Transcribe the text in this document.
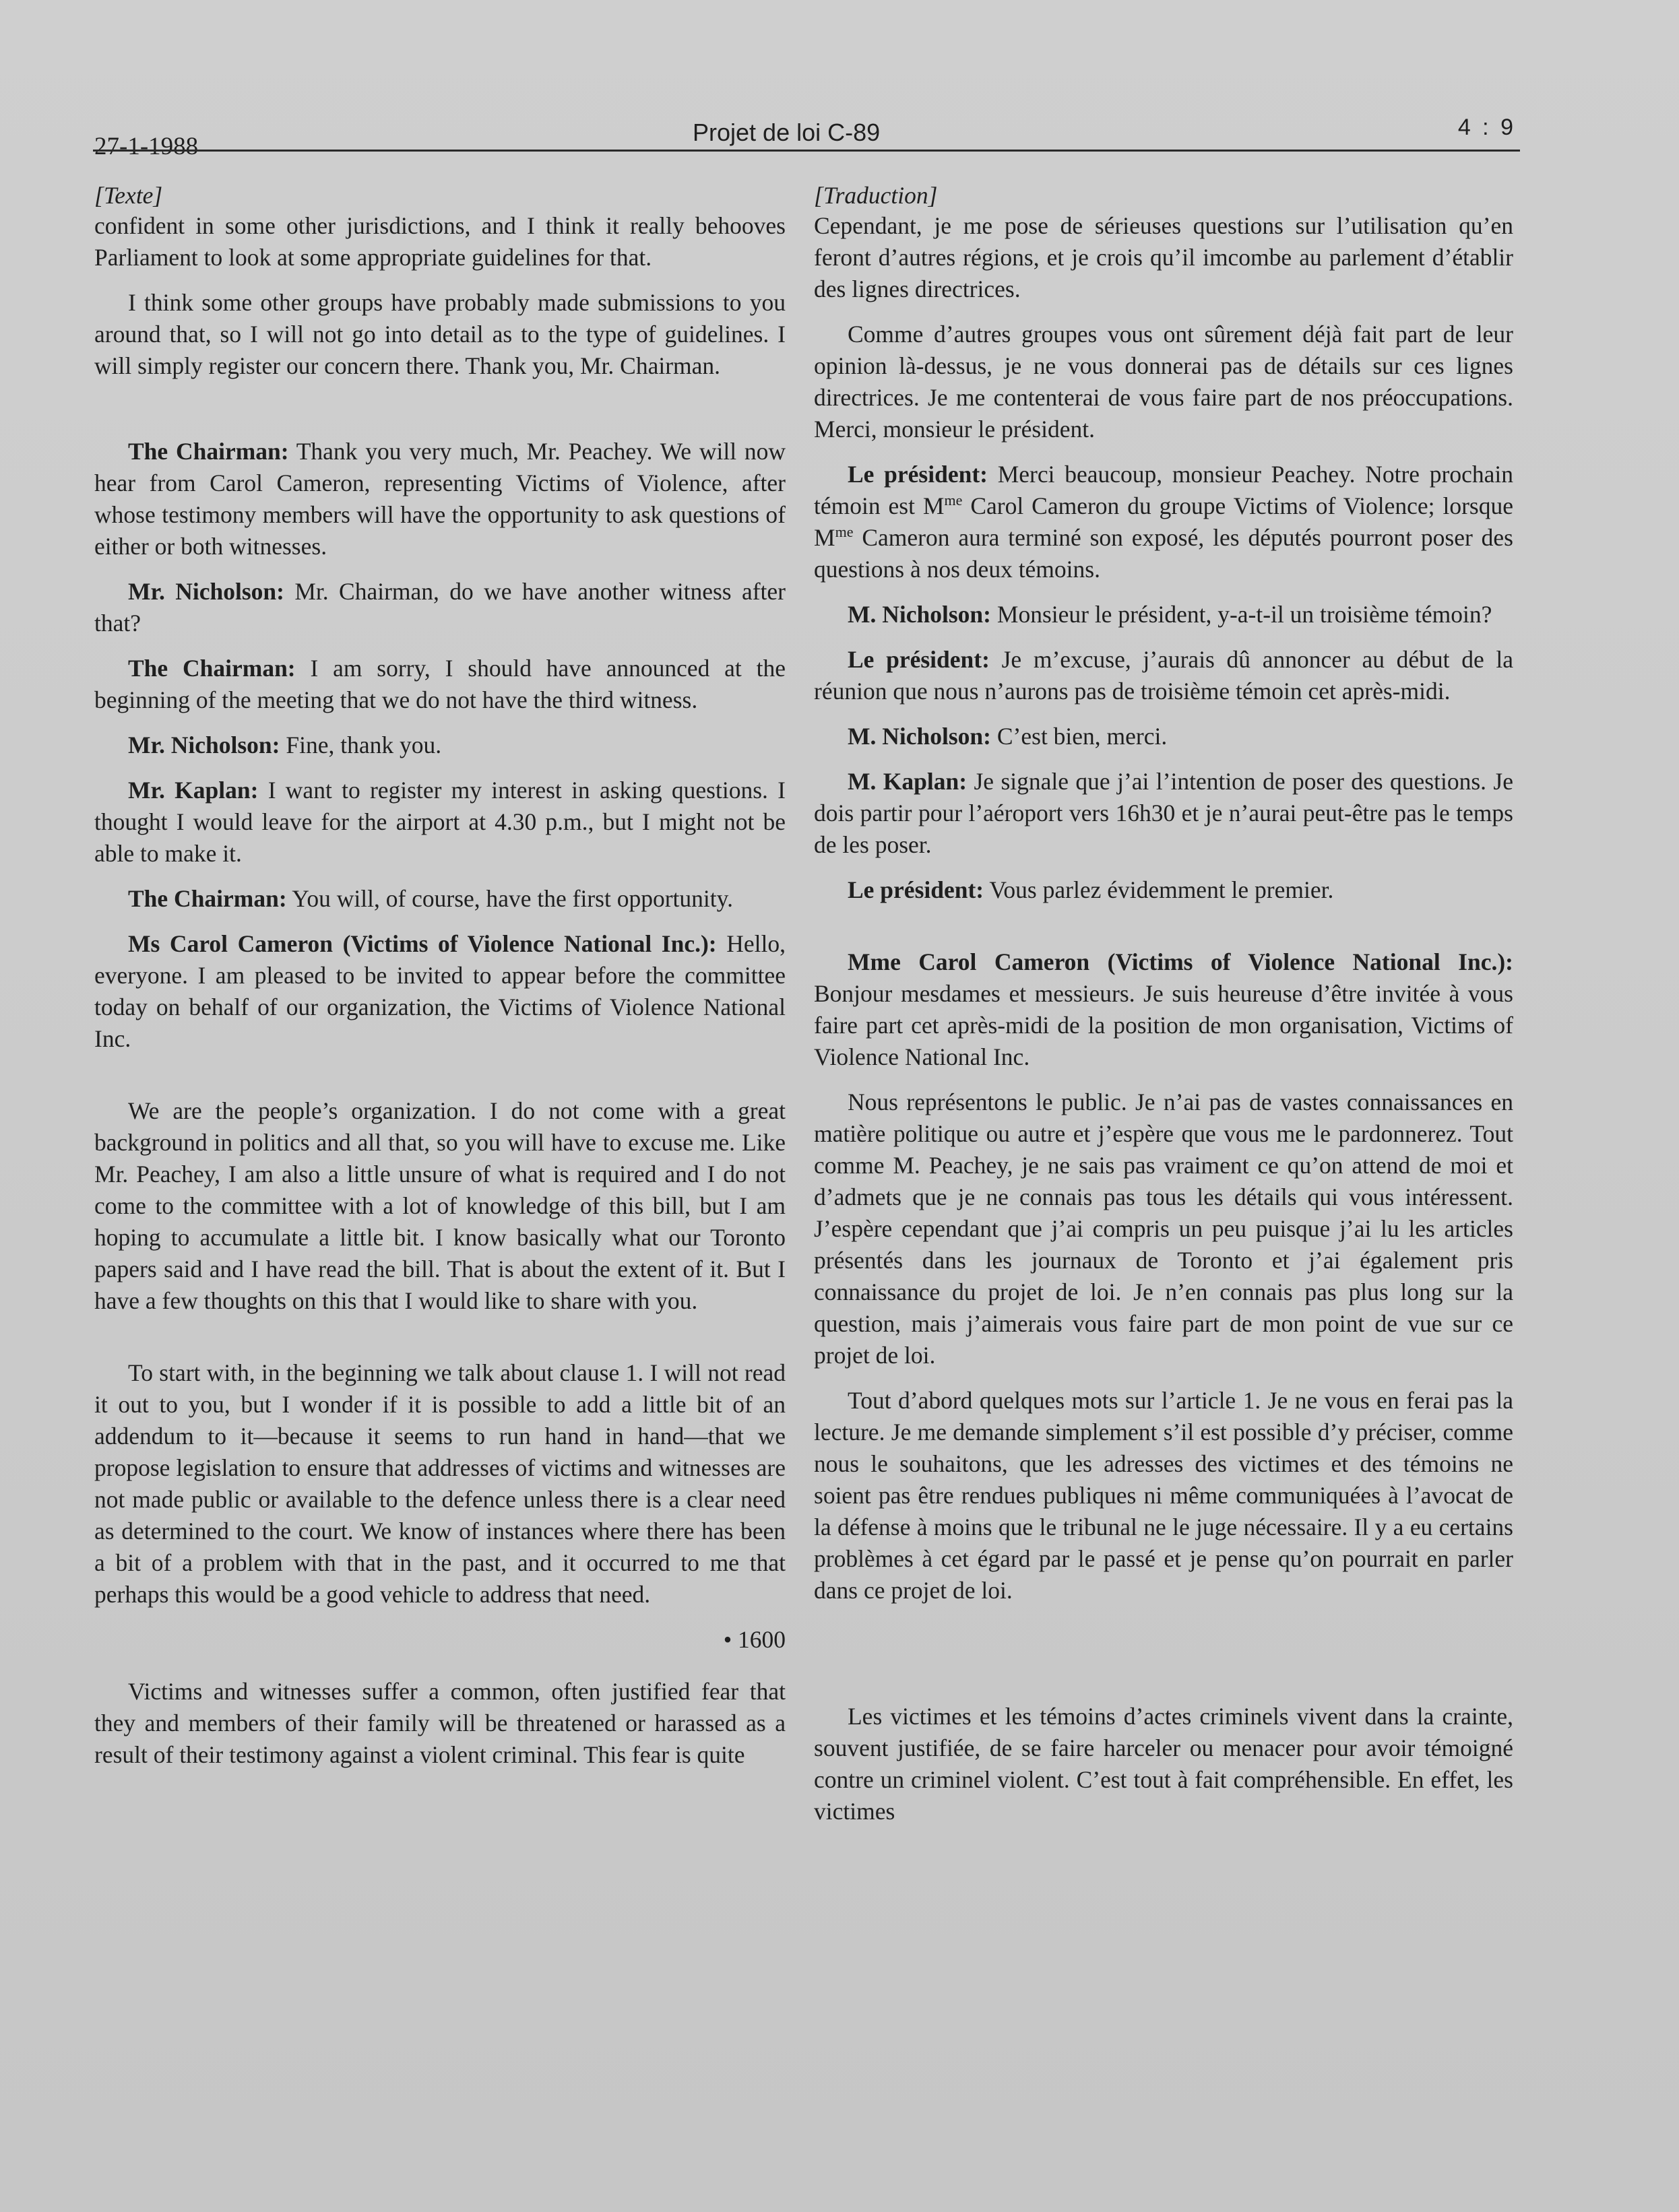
27-1-1988
Projet de loi C-89	4 : 9
[Texte]

confident in some other jurisdictions, and I think it really behooves Parliament to look at some appropriate guidelines for that.

I think some other groups have probably made submissions to you around that, so I will not go into detail as to the type of guidelines. I will simply register our concern there. Thank you, Mr. Chairman.

The Chairman: Thank you very much, Mr. Peachey. We will now hear from Carol Cameron, representing Victims of Violence, after whose testimony members will have the opportunity to ask questions of either or both witnesses.

Mr. Nicholson: Mr. Chairman, do we have another witness after that?

The Chairman: I am sorry, I should have announced at the beginning of the meeting that we do not have the third witness.

Mr. Nicholson: Fine, thank you.

Mr. Kaplan: I want to register my interest in asking questions. I thought I would leave for the airport at 4.30 p.m., but I might not be able to make it.

The Chairman: You will, of course, have the first opportunity.

Ms Carol Cameron (Victims of Violence National Inc.): Hello, everyone. I am pleased to be invited to appear before the committee today on behalf of our organization, the Victims of Violence National Inc.

We are the people’s organization. I do not come with a great background in politics and all that, so you will have to excuse me. Like Mr. Peachey, I am also a little unsure of what is required and I do not come to the committee with a lot of knowledge of this bill, but I am hoping to accumulate a little bit. I know basically what our Toronto papers said and I have read the bill. That is about the extent of it. But I have a few thoughts on this that I would like to share with you.

To start with, in the beginning we talk about clause 1. I will not read it out to you, but I wonder if it is possible to add a little bit of an addendum to it—because it seems to run hand in hand—that we propose legislation to ensure that addresses of victims and witnesses are not made public or available to the defence unless there is a clear need as determined to the court. We know of instances where there has been a bit of a problem with that in the past, and it occurred to me that perhaps this would be a good vehicle to address that need.

• 1600

Victims and witnesses suffer a common, often justified fear that they and members of their family will be threatened or harassed as a result of their testimony against a violent criminal. This fear is quite

[Traduction]

Cependant, je me pose de sérieuses questions sur l’utilisation qu’en feront d’autres régions, et je crois qu’il imcombe au parlement d’établir des lignes directrices.

Comme d’autres groupes vous ont sûrement déjà fait part de leur opinion là-dessus, je ne vous donnerai pas de détails sur ces lignes directrices. Je me contenterai de vous faire part de nos préoccupations. Merci, monsieur le président.

Le président: Merci beaucoup, monsieur Peachey. Notre prochain témoin est $M^{me}$ Carol Cameron du groupe Victims of Violence; lorsque $M^{me}$ Cameron aura terminé son exposé, les députés pourront poser des questions à nos deux témoins.

M. Nicholson: Monsieur le président, y-a-t-il un troisième témoin?

Le président: Je m’excuse, j’aurais dû annoncer au début de la réunion que nous n’aurons pas de troisième témoin cet après-midi.

M. Nicholson: C’est bien, merci.

M. Kaplan: Je signale que j’ai l’intention de poser des questions. Je dois partir pour l’aéroport vers 16h30 et je n’aurai peut-être pas le temps de les poser.

Le président: Vous parlez évidemment le premier.

Mme Carol Cameron (Victims of Violence National Inc.): Bonjour mesdames et messieurs. Je suis heureuse d’être invitée à vous faire part cet après-midi de la position de mon organisation, Victims of Violence National Inc.

Nous représentons le public. Je n’ai pas de vastes connaissances en matière politique ou autre et j’espère que vous me le pardonnerez. Tout comme M. Peachey, je ne sais pas vraiment ce qu’on attend de moi et d’admets que je ne connais pas tous les détails qui vous intéressent. J’espère cependant que j’ai compris un peu puisque j’ai lu les articles présentés dans les journaux de Toronto et j’ai également pris connaissance du projet de loi. Je n’en connais pas plus long sur la question, mais j’aimerais vous faire part de mon point de vue sur ce projet de loi.

Tout d’abord quelques mots sur l’article 1. Je ne vous en ferai pas la lecture. Je me demande simplement s’il est possible d’y préciser, comme nous le souhaitons, que les adresses des victimes et des témoins ne soient pas être rendues publiques ni même communiquées à l’avocat de la défense à moins que le tribunal ne le juge nécessaire. Il y a eu certains problèmes à cet égard par le passé et je pense qu’on pourrait en parler dans ce projet de loi.

Les victimes et les témoins d’actes criminels vivent dans la crainte, souvent justifiée, de se faire harceler ou menacer pour avoir témoigné contre un criminel violent. C’est tout à fait compréhensible. En effet, les victimes
